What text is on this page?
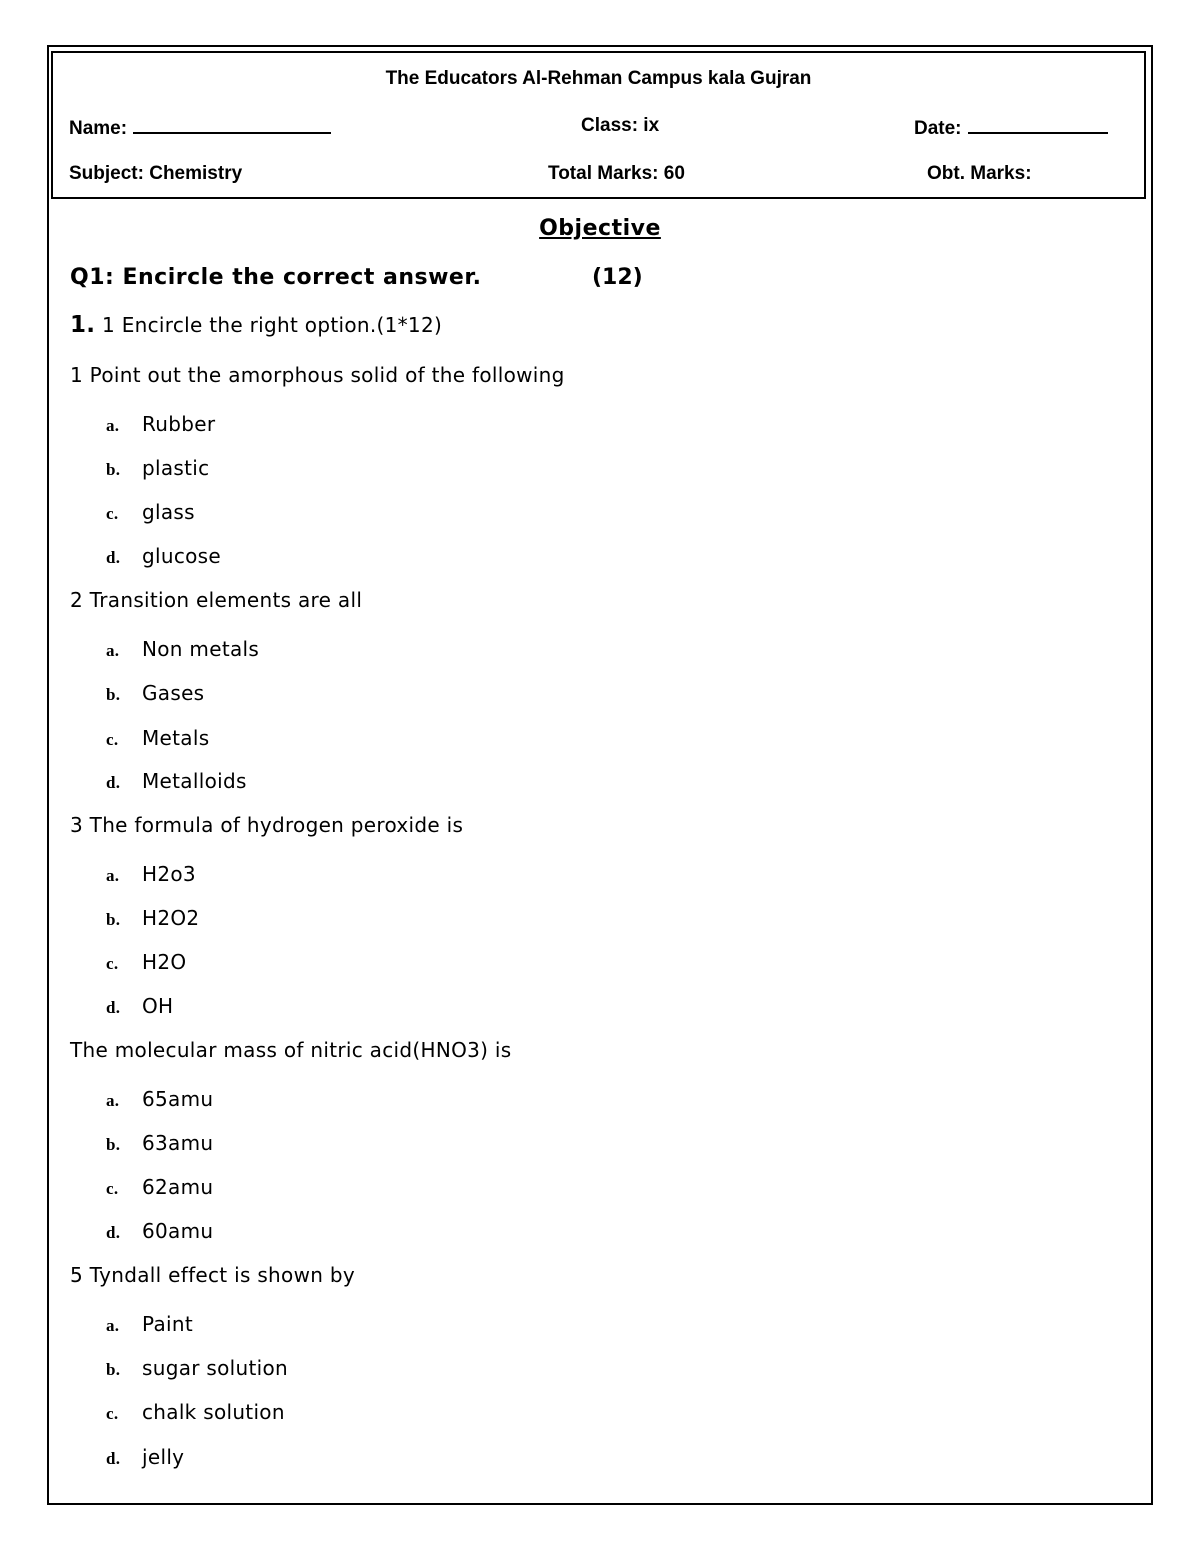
The Educators Al-Rehman Campus kala Gujran
Name:	Class: ix	Date:
Subject: Chemistry	Total Marks: 60	Obt. Marks:
Objective
Q1: Encircle the correct answer.	(12)
1. 1 Encircle the right option.(1*12)
1 Point out the amorphous solid of the following
a. Rubber
b. plastic
c. glass
d. glucose
2 Transition elements are all
a. Non metals
b. Gases
c. Metals
d. Metalloids
3 The formula of hydrogen peroxide is
a. H2o3
b. H2O2
c. H2O
d. OH
The molecular mass of nitric acid(HNO3) is
a. 65amu
b. 63amu
c. 62amu
d. 60amu
5 Tyndall effect is shown by
a. Paint
b. sugar solution
c. chalk solution
d. jelly
